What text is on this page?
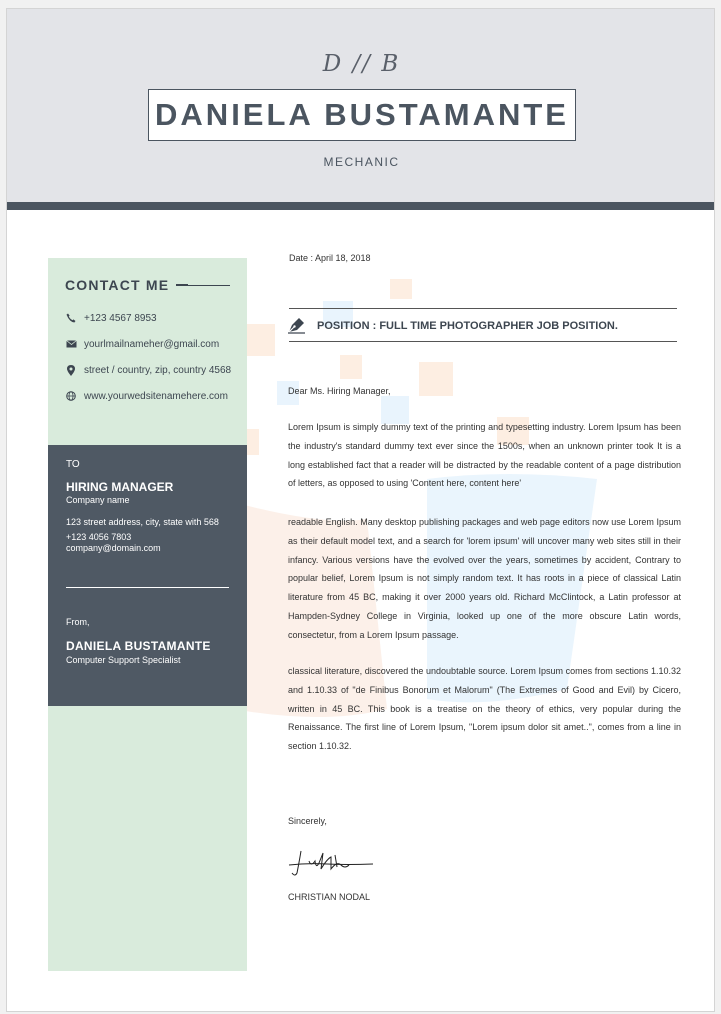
D // B
DANIELA BUSTAMANTE
MECHANIC
CONTACT ME
+123 4567 8953
yourlmailnameher@gmail.com
street / country, zip, country 4568
www.yourwedsitenamehere.com
TO
HIRING MANAGER
Company name
123 street address, city, state with 568
+123 4056 7803
company@domain.com
From,
DANIELA BUSTAMANTE
Computer Support Specialist
Date : April 18, 2018
POSITION : FULL TIME PHOTOGRAPHER JOB POSITION.
Dear Ms. Hiring Manager,
Lorem Ipsum is simply dummy text of the printing and typesetting industry. Lorem Ipsum has been the industry's standard dummy text ever since the 1500s, when an unknown printer took It is a long established fact that a reader will be distracted by the readable content of a page distribution of letters, as opposed to using 'Content here, content here'
readable English. Many desktop publishing packages and web page editors now use Lorem Ipsum as their default model text, and a search for 'lorem ipsum' will uncover many web sites still in their infancy. Various versions have the evolved over the years, sometimes by accident, Contrary to popular belief, Lorem Ipsum is not simply random text. It has roots in a piece of classical Latin literature from 45 BC, making it over 2000 years old. Richard McClintock, a Latin professor at Hampden-Sydney College in Virginia, looked up one of the more obscure Latin words, consectetur, from a Lorem Ipsum passage.
classical literature, discovered the undoubtable source. Lorem Ipsum comes from sections 1.10.32 and 1.10.33 of "de Finibus Bonorum et Malorum" (The Extremes of Good and Evil) by Cicero, written in 45 BC. This book is a treatise on the theory of ethics, very popular during the Renaissance. The first line of Lorem Ipsum, "Lorem ipsum dolor sit amet..", comes from a line in section 1.10.32.
Sincerely,
CHRISTIAN NODAL
